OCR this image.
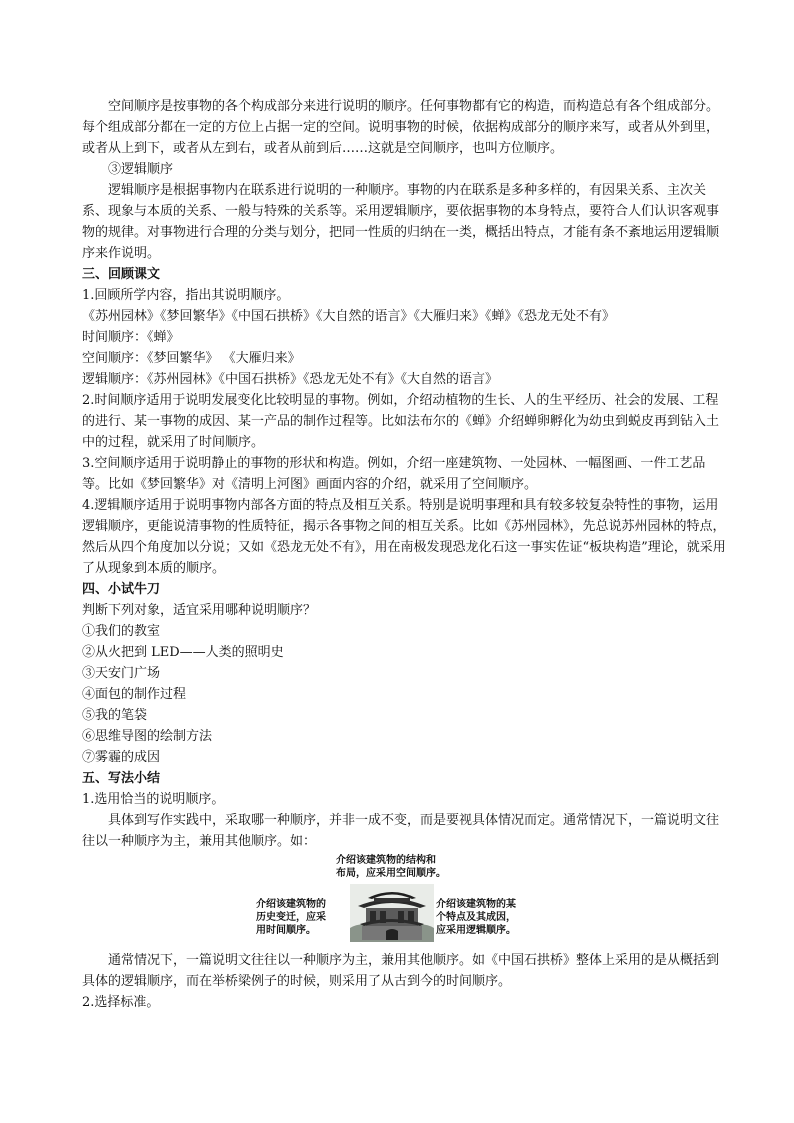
空间顺序是按事物的各个构成部分来进行说明的顺序。任何事物都有它的构造，而构造总有各个组成部分。每个组成部分都在一定的方位上占据一定的空间。说明事物的时候，依据构成部分的顺序来写，或者从外到里，或者从上到下，或者从左到右，或者从前到后……这就是空间顺序，也叫方位顺序。

③逻辑顺序

逻辑顺序是根据事物内在联系进行说明的一种顺序。事物的内在联系是多种多样的，有因果关系、主次关系、现象与本质的关系、一般与特殊的关系等。采用逻辑顺序，要依据事物的本身特点，要符合人们认识客观事物的规律。对事物进行合理的分类与划分，把同一性质的归纳在一类，概括出特点，才能有条不紊地运用逻辑顺序来作说明。

三、回顾课文

1.回顾所学内容，指出其说明顺序。

《苏州园林》《梦回繁华》《中国石拱桥》《大自然的语言》《大雁归来》《蝉》《恐龙无处不有》

时间顺序：《蝉》

空间顺序：《梦回繁华》 《大雁归来》

逻辑顺序：《苏州园林》《中国石拱桥》《恐龙无处不有》《大自然的语言》

2.时间顺序适用于说明发展变化比较明显的事物。例如，介绍动植物的生长、人的生平经历、社会的发展、工程的进行、某一事物的成因、某一产品的制作过程等。比如法布尔的《蝉》介绍蝉卵孵化为幼虫到蜕皮再到钻入土中的过程，就采用了时间顺序。

3.空间顺序适用于说明静止的事物的形状和构造。例如，介绍一座建筑物、一处园林、一幅图画、一件工艺品等。比如《梦回繁华》对《清明上河图》画面内容的介绍，就采用了空间顺序。

4.逻辑顺序适用于说明事物内部各方面的特点及相互关系。特别是说明事理和具有较多较复杂特性的事物，运用逻辑顺序，更能说清事物的性质特征，揭示各事物之间的相互关系。比如《苏州园林》，先总说苏州园林的特点，然后从四个角度加以分说；又如《恐龙无处不有》，用在南极发现恐龙化石这一事实佐证“板块构造”理论，就采用了从现象到本质的顺序。

四、小试牛刀

判断下列对象，适宜采用哪种说明顺序？

①我们的教室

②从火把到 LED——人类的照明史

③天安门广场

④面包的制作过程

⑤我的笔袋

⑥思维导图的绘制方法

⑦雾霾的成因

五、写法小结

1.选用恰当的说明顺序。

具体到写作实践中，采取哪一种顺序，并非一成不变，而是要视具体情况而定。通常情况下，一篇说明文往往以一种顺序为主，兼用其他顺序。如：

介绍该建筑物的结构和
布局，应采用空间顺序。
介绍该建筑物的
历史变迁，应采
用时间顺序。
介绍该建筑物的某
个特点及其成因，
应采用逻辑顺序。

通常情况下，一篇说明文往往以一种顺序为主，兼用其他顺序。如《中国石拱桥》整体上采用的是从概括到具体的逻辑顺序，而在举桥梁例子的时候，则采用了从古到今的时间顺序。

2.选择标准。
